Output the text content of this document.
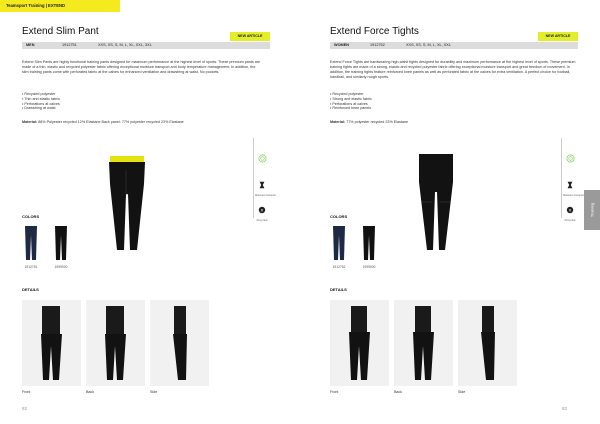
Teamsport Training | EXTEND
Extend Slim Pant	NEW ARTICLE
MEN	1912751	XXS, XS, S, M, L, XL, XXL, 3XL
Extend Slim Pants are highly functional training pants designed for maximum performance at the highest level of sports. These premium pants are made of a thin, elastic and recycled polyester fabric offering exceptional moisture transport and body temperature management. In addition, the slim training pants come with perforated fabric at the calves for enhanced ventilation and drawstring at waist. No pockets.
• Recycled polyester
• Thin and elastic fabric
• Perforations at calves
• Drawstring at waist
Material: 88% Polyester recycled 12% Elastane Back panel: 77% polyester recycled 23% Elastane
Moisture transport
R
Recycled
COLORS
1912751	1999000
DETAILS
Front	Back	Side
82
Extend Force Tights	NEW ARTICLE
WOMEN	1912752	XXS, XS, S, M, L, XL, XXL
Extend Force Tights are hardwearing high-waist tights designed for durability and maximum performance at the highest level of sports. These premium training tights are made of a strong, elastic and recycled polyester fabric offering exceptional moisture transport and great freedom of movement. In addition, the training tights feature reinforced knee panels as well as perforated fabric at the calves for extra ventilation. A perfect choice for football, handball, and similarly rough sports.
• Recycled polyester
• Strong and elastic fabric
• Perforations at calves
• Reinforced knee panels
Material: 77% polyester recycled 23% Elastane
Moisture transport
R
Recycled
COLORS
1912752	1999000
DETAILS
Front	Back	Side
83
Training
